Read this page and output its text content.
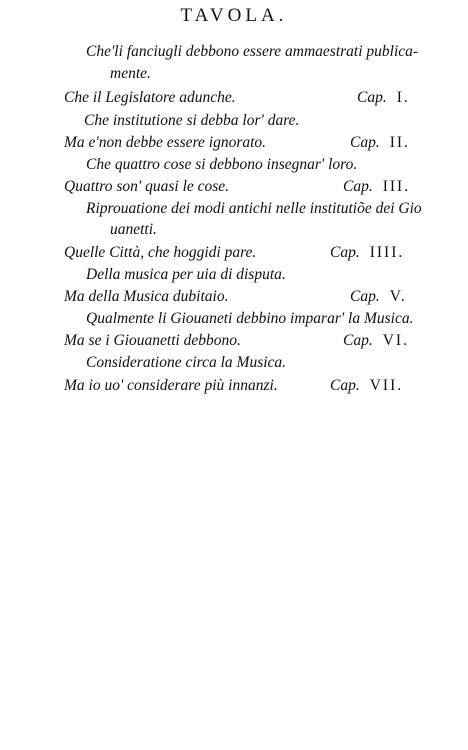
TAVOLA.
Che'li fanciugli debbono essere ammaestrati publica-
mente.
Che il Legislatore adunche.	Cap. I.
Che institutione si debba lor' dare.
Ma e'non debbe essere ignorato.	Cap. II.
Che quattro cose si debbono insegnar' loro.
Quattro son' quasi le cose.	Cap. III.
Riprouatione dei modi antichi nelle institutiõe dei Gio
uanetti.
Quelle Città, che hoggidi pare.	Cap. IIII.
Della musica per uia di disputa.
Ma della Musica dubitaio.	Cap. V.
Qualmente li Giouaneti debbino imparar' la Musica.
Ma se i Giouanetti debbono.	Cap. VI.
Consideratione circa la Musica.
Ma io uo' considerare più innanzi.	Cap. VII.
